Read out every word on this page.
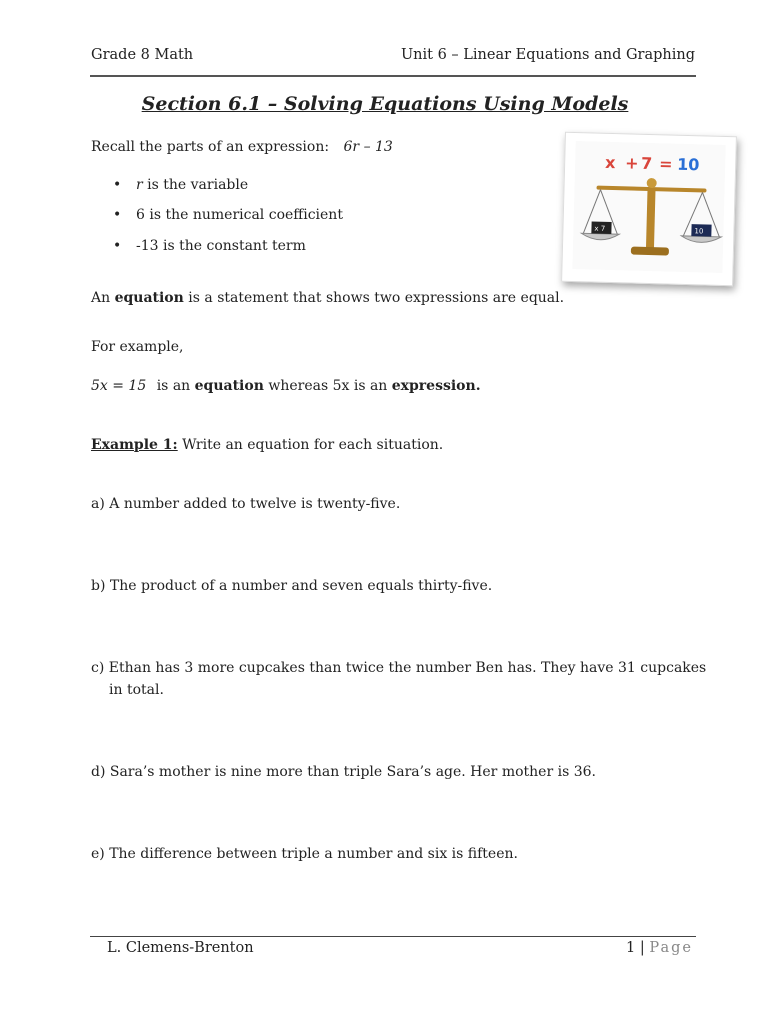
Grade 8 Math	Unit 6 – Linear Equations and Graphing
Section 6.1 – Solving Equations Using Models
Recall the parts of an expression: 6r – 13
• r is the variable
• 6 is the numerical coefficient
• -13 is the constant term
x + 7 = 10
x 7	10
An equation is a statement that shows two expressions are equal.
For example,
5x = 15 is an equation whereas 5x is an expression.
Example 1: Write an equation for each situation.
a) A number added to twelve is twenty-five.
b) The product of a number and seven equals thirty-five.
c) Ethan has 3 more cupcakes than twice the number Ben has. They have 31 cupcakes
in total.
d) Sara’s mother is nine more than triple Sara’s age. Her mother is 36.
e) The difference between triple a number and six is fifteen.
L. Clemens-Brenton	1 | Page
